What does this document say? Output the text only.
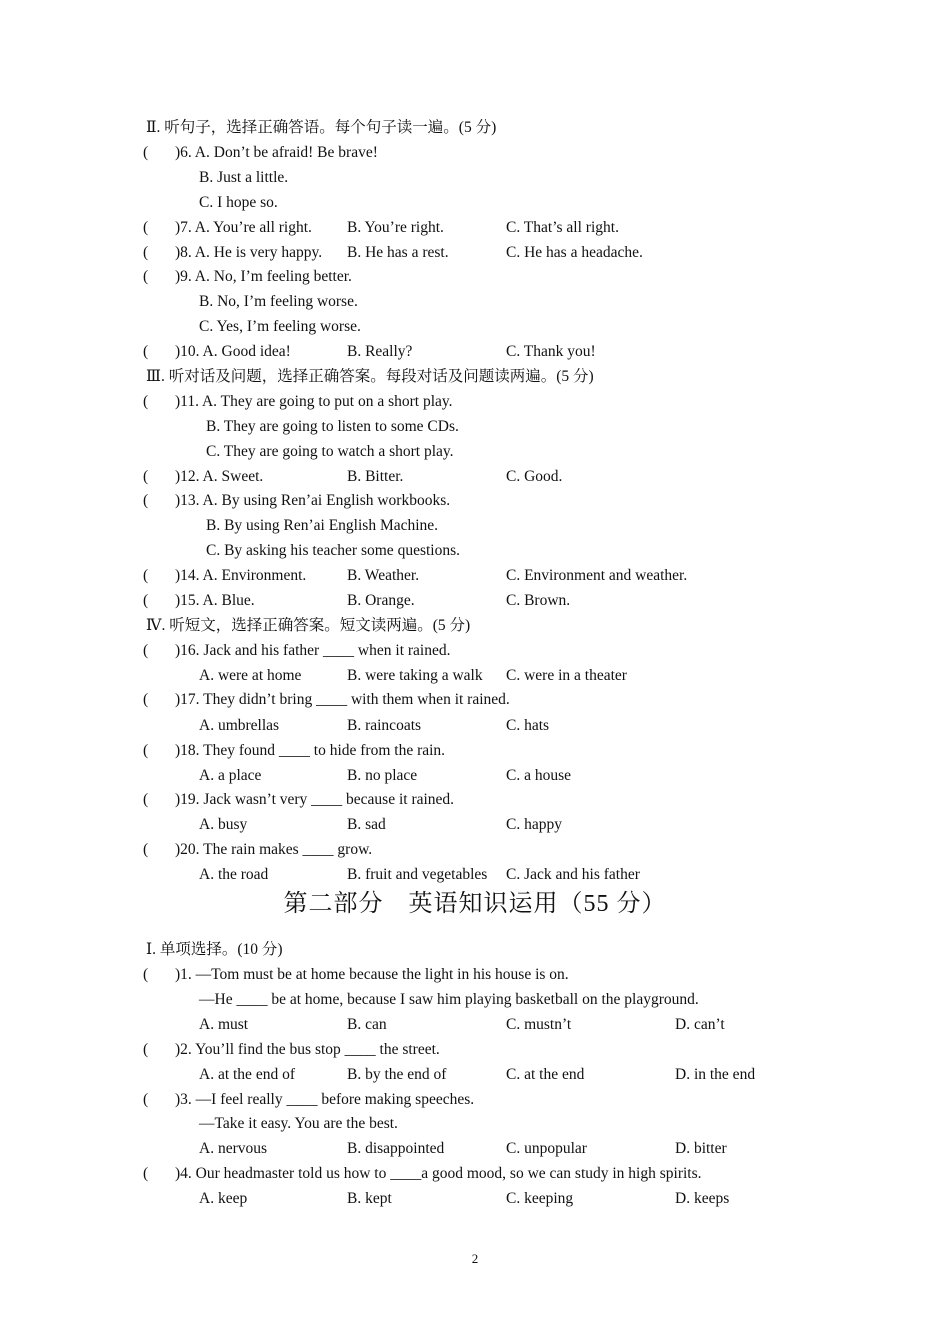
Ⅱ. 听句子，选择正确答语。每个句子读一遍。(5 分)
( )6. A. Don’t be afraid! Be brave!
B. Just a little.
C. I hope so.
( )7. A. You’re all right. B. You’re right.	C. That’s all right.
( )8. A. He is very happy. B. He has a rest.	C. He has a headache.
( )9. A. No, I’m feeling better.
B. No, I’m feeling worse.
C. Yes, I’m feeling worse.
( )10. A. Good idea!	B. Really?	C. Thank you!
Ⅲ. 听对话及问题，选择正确答案。每段对话及问题读两遍。(5 分)
( )11. A. They are going to put on a short play.
B. They are going to listen to some CDs.
C. They are going to watch a short play.
( )12. A. Sweet.	B. Bitter.	C. Good.
( )13. A. By using Ren’ai English workbooks.
B. By using Ren’ai English Machine.
C. By asking his teacher some questions.
( )14. A. Environment.	B. Weather.	C. Environment and weather.
( )15. A. Blue.	B. Orange.	C. Brown.
Ⅳ. 听短文，选择正确答案。短文读两遍。(5 分)
( )16. Jack and his father ____ when it rained.
A. were at home	B. were taking a walk C. were in a theater
( )17. They didn’t bring ____ with them when it rained.
A. umbrellas	B. raincoats	C. hats
( )18. They found ____ to hide from the rain.
A. a place	B. no place	C. a house
( )19. Jack wasn’t very ____ because it rained.
A. busy	B. sad	C. happy
( )20. The rain makes ____ grow.
A. the road	B. fruit and vegetables C. Jack and his father
第二部分　英语知识运用（55 分）
Ⅰ. 单项选择。(10 分)
( )1. —Tom must be at home because the light in his house is on.
—He ____ be at home, because I saw him playing basketball on the playground.
A. must	B. can	C. mustn’t	D. can’t
( )2. You’ll find the bus stop ____ the street.
A. at the end of	B. by the end of	C. at the end	D. in the end
( )3. —I feel really ____ before making speeches.
—Take it easy. You are the best.
A. nervous	B. disappointed	C. unpopular	D. bitter
( )4. Our headmaster told us how to ____a good mood, so we can study in high spirits.
A. keep	B. kept	C. keeping	D. keeps
2
